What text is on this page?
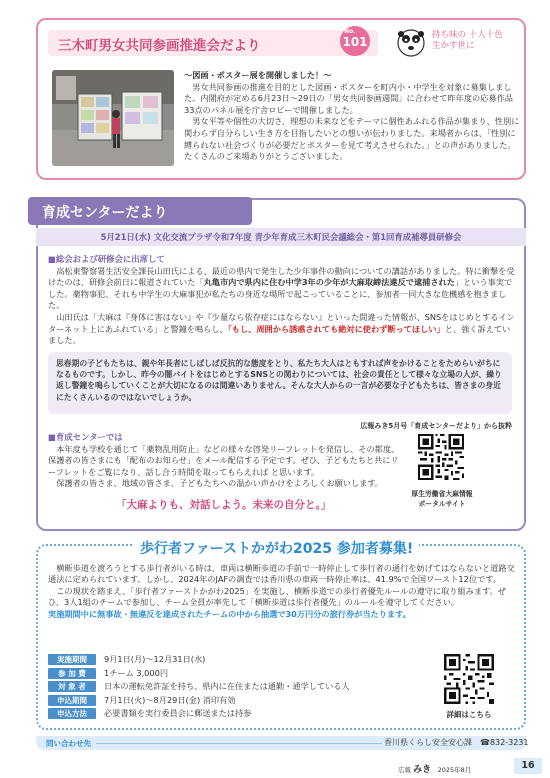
三木町男女共同参画推進会だより
No.
101	持ち味の 十人十色
生かす世に
〜図画・ポスター展を開催しました！〜
男女共同参画の推進を目的とした図画・ポスターを町内小・中学生を対象に募集しました。内閣府が定める6月23日〜29日の「男女共同参画週間」に合わせて昨年度の応募作品33点のパネル展を庁舎ロビーで開催しました。
男女平等や個性の大切さ、理想の未来などをテーマに個性あふれる作品が集まり、性別に関わらず自分らしい生き方を目指したいとの想いが伝わりました。来場者からは、「性別に縛られない社会づくりが必要だとポスターを見て考えさせられた。」との声がありました。たくさんのご来場ありがとうございました。
育成センターだより
5月21日(水) 文化交流プラザ令和7年度 青少年育成三木町民会議総会・第1回育成補導員研修会
■総会および研修会に出席して
高松東警察署生活安全課長山田氏による、最近の県内で発生した少年事件の動向についての講話がありました。特に衝撃を受けたのは、研修会前日に報道されていた「丸亀市内で県内に住む中学3年の少年が大麻取締法違反で逮捕された」という事実でした。薬物事犯、それも中学生の大麻事犯が私たちの身近な場所で起こっていることに、参加者一同大きな危機感を抱きました。
山田氏は「大麻は『身体に害はない』や『少量なら依存症にはならない』といった間違った情報が、SNSをはじめとするインターネット上にあふれている」と警鐘を鳴らし、「もし、周囲から誘惑されても絶対に使わず断ってほしい」と、強く訴えていました。
思春期の子どもたちは、親や年長者にしばしば反抗的な態度をとり、私たち大人はともすれば声をかけることをためらいがちになるものです。しかし、昨今の闇バイトをはじめとするSNSとの関わりについては、社会の責任として様々な立場の人が、繰り返し警鐘を鳴らしていくことが大切になるのは間違いありません。そんな大人からの一言が必要な子どもたちは、皆さまの身近にたくさんいるのではないでしょうか。
広報みき5月号「育成センターだより」から抜粋
■育成センターでは
本年度も学校を通じて「薬物乱用防止」などの様々な啓発リーフレットを発信し、その都度、保護者の皆さまにも「配布のお知らせ」をメール配信する予定です。ぜひ、子どもたちと共にリーフレットをご覧になり、話し合う時間を取ってもらえれば と思います。
保護者の皆さま、地域の皆さま、子どもたちへの温かい声かけをよろしくお願いします。
「大麻よりも、対話しよう。未来の自分と。」
厚生労働省大麻情報
ポータルサイト
歩行者ファーストかがわ2025 参加者募集!
横断歩道を渡ろうとする歩行者がいる時は、車両は横断歩道の手前で一時停止して歩行者の通行を妨げてはならないと道路交通法に定められています。しかし、2024年のJAFの調査では香川県の車両一時停止率は、41.9%で全国ワースト12位です。
この現状を踏まえ、「歩行者ファーストかがわ2025」を実施し、横断歩道での歩行者優先ルールの遵守に取り組みます。ぜひ、3人1組のチームで参加し、チーム全員が率先して「横断歩道は歩行者優先」のルールを遵守してください。
実施期間中に無事故・無違反を達成されたチームの中から抽選で30万円分の旅行券が当たります。
実施期間	9月1日(月)〜12月31日(水)
参 加 費	1チーム 3,000円
対 象 者	日本の運転免許証を持ち、県内に在住または通勤・通学している人
申込期間	7月1日(火)〜8月29日(金) 消印有効
申込方法	必要書類を実行委員会に郵送または持参	詳細はこちら
問い合わせ先	香川県くらし安全安心課　☎832-3231
広報 みき　 2025年8月	16
